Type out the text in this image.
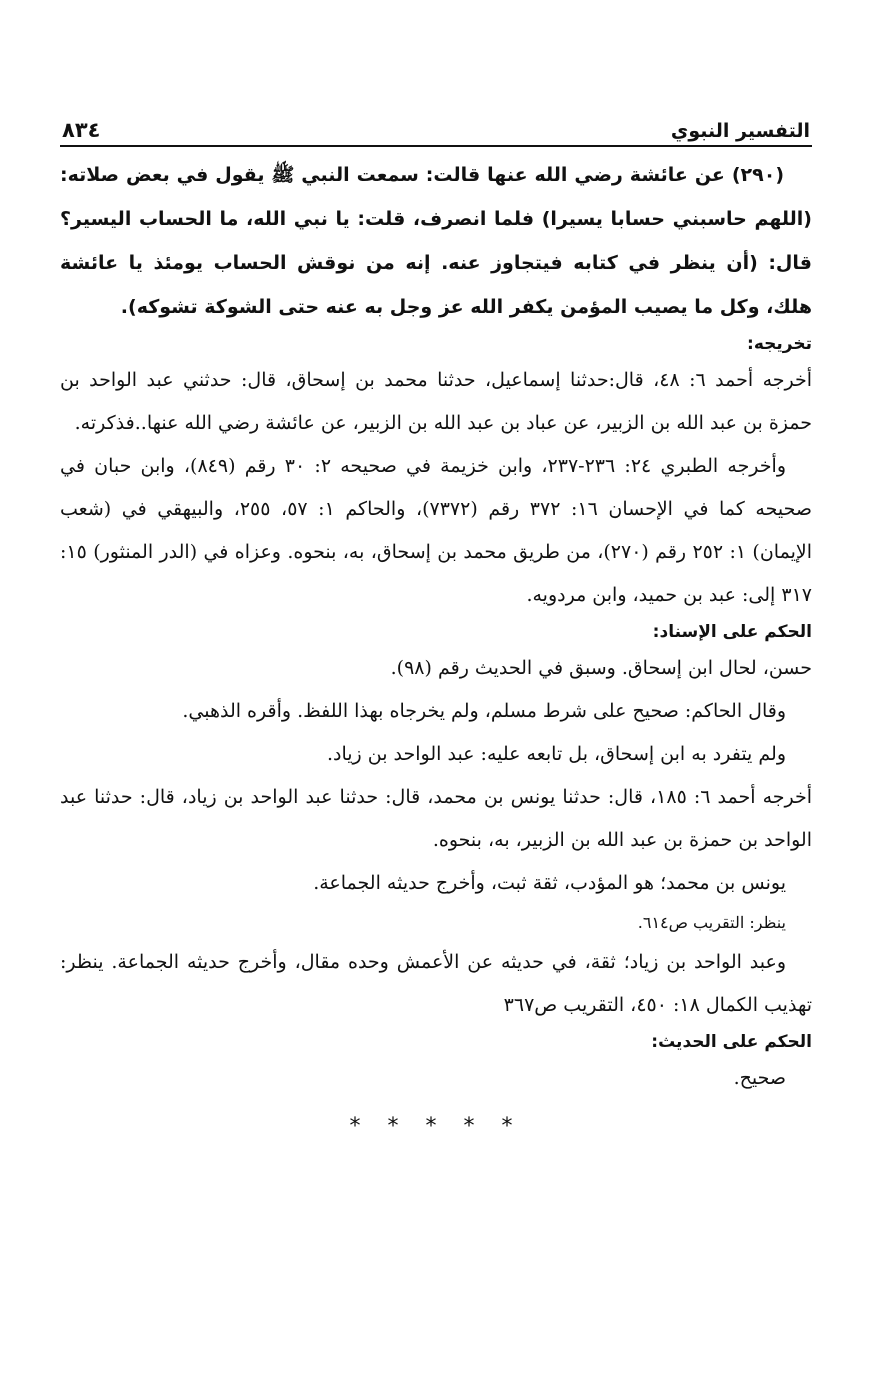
التفسير النبوي
٨٣٤

(٢٩٠) عن عائشة رضي الله عنها قالت: سمعت النبي ﷺ يقول في بعض صلاته: (اللهم حاسبني حسابا يسيرا) فلما انصرف، قلت: يا نبي الله، ما الحساب اليسير؟ قال: (أن ينظر في كتابه فيتجاوز عنه. إنه من نوقش الحساب يومئذ يا عائشة هلك، وكل ما يصيب المؤمن يكفر الله عز وجل به عنه حتى الشوكة تشوكه).

تخريجه:

أخرجه أحمد ٦: ٤٨، قال:حدثنا إسماعيل، حدثنا محمد بن إسحاق، قال: حدثني عبد الواحد بن حمزة بن عبد الله بن الزبير، عن عباد بن عبد الله بن الزبير، عن عائشة رضي الله عنها..فذكرته.

وأخرجه الطبري ٢٤: ٢٣٦-٢٣٧، وابن خزيمة في صحيحه ٢: ٣٠ رقم (٨٤٩)، وابن حبان في صحيحه كما في الإحسان ١٦: ٣٧٢ رقم (٧٣٧٢)، والحاكم ١: ٥٧، ٢٥٥، والبيهقي في (شعب الإيمان) ١: ٢٥٢ رقم (٢٧٠)، من طريق محمد بن إسحاق، به، بنحوه. وعزاه في (الدر المنثور) ١٥: ٣١٧ إلى: عبد بن حميد، وابن مردويه.

الحكم على الإسناد:

حسن، لحال ابن إسحاق. وسبق في الحديث رقم (٩٨).

وقال الحاكم: صحيح على شرط مسلم، ولم يخرجاه بهذا اللفظ. وأقره الذهبي.

ولم يتفرد به ابن إسحاق، بل تابعه عليه: عبد الواحد بن زياد.

أخرجه أحمد ٦: ١٨٥، قال: حدثنا يونس بن محمد، قال: حدثنا عبد الواحد بن زياد، قال: حدثنا عبد الواحد بن حمزة بن عبد الله بن الزبير، به، بنحوه.

يونس بن محمد؛ هو المؤدب، ثقة ثبت، وأخرج حديثه الجماعة.

ينظر: التقريب ص٦١٤.

وعبد الواحد بن زياد؛ ثقة، في حديثه عن الأعمش وحده مقال، وأخرج حديثه الجماعة. ينظر: تهذيب الكمال ١٨: ٤٥٠، التقريب ص٣٦٧

الحكم على الحديث:

صحيح.

* * * * *
